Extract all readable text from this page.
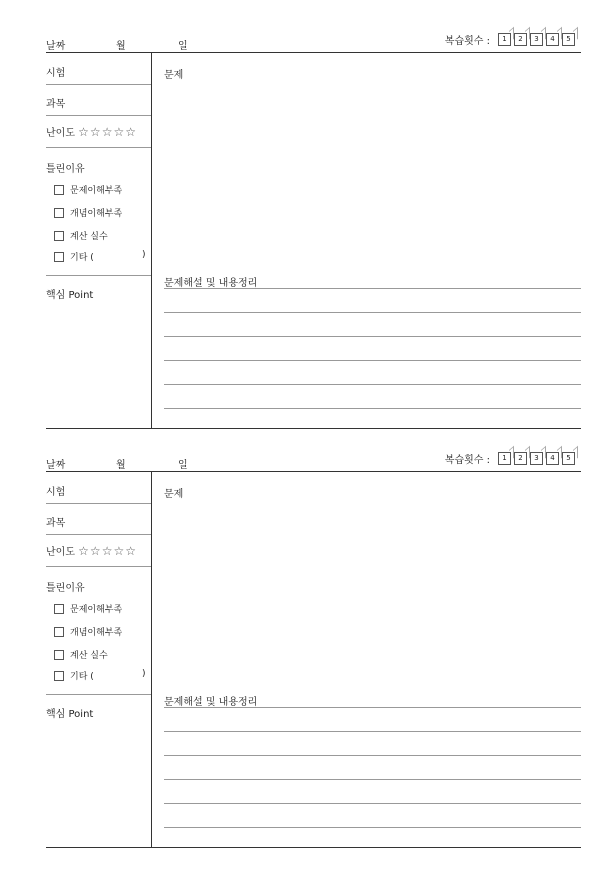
날짜	월	일	복습횟수 :	1	2	3	4	5
시험
과목
난이도 ☆☆☆☆☆
틀린이유
문제이해부족
개념이해부족
계산 실수
기타 (	)
핵심 Point
문제
문제해설 및 내용정리
날짜	월	일	복습횟수 :	1	2	3	4	5
시험
과목
난이도 ☆☆☆☆☆
틀린이유
문제이해부족
개념이해부족
계산 실수
기타 (	)
핵심 Point
문제
문제해설 및 내용정리
